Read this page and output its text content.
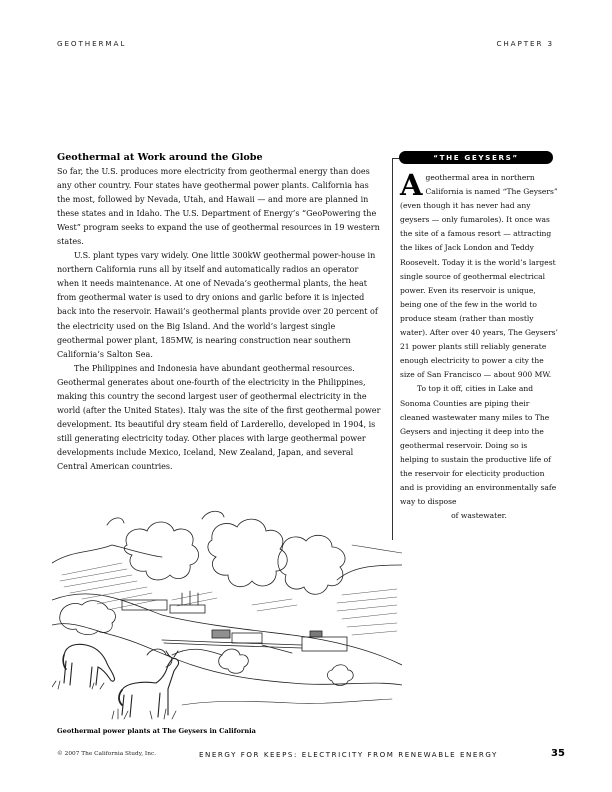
GEOTHERMAL	CHAPTER 3
Geothermal at Work around the Globe

So far, the U.S. produces more electricity from geothermal energy than does any other country. Four states have geothermal power plants. California has the most, followed by Nevada, Utah, and Hawaii — and more are planned in these states and in Idaho. The U.S. Department of Energy’s “GeoPowering the West” program seeks to expand the use of geothermal resources in 19 western states.

U.S. plant types vary widely. One little 300kW geothermal power-house in northern California runs all by itself and automatically radios an operator when it needs maintenance. At one of Nevada’s geothermal plants, the heat from geothermal water is used to dry onions and garlic before it is injected back into the reservoir. Hawaii’s geothermal plants provide over 20 percent of the electricity used on the Big Island. And the world’s largest single geothermal power plant, 185MW, is nearing construction near southern California’s Salton Sea.

The Philippines and Indonesia have abundant geothermal resources. Geothermal generates about one-fourth of the electricity in the Philippines, making this country the second largest user of geothermal electricity in the world (after the United States). Italy was the site of the first geothermal power development. Its beautiful dry steam field of Larderello, developed in 1904, is still generating electricity today. Other places with large geothermal power developments include Mexico, Iceland, New Zealand, Japan, and several Central American countries.

“THE GEYSERS”

Ageothermal area in northern California is named “The Geysers” (even though it has never had any geysers — only fumaroles). It once was the site of a famous resort — attracting the likes of Jack London and Teddy Roosevelt. Today it is the world’s largest single source of geothermal electrical power. Even its reservoir is unique, being one of the few in the world to produce steam (rather than mostly water). After over 40 years, The Geysers’ 21 power plants still reliably generate enough electricity to power a city the size of San Francisco — about 900 MW.

To top it off, cities in Lake and Sonoma Counties are piping their cleaned wastewater many miles to The Geysers and injecting it deep into the geothermal reservoir. Doing so is helping to sustain the productive life of the reservoir for electicity production and is providing an environmentally safe way to dispose

of wastewater.

Geothermal power plants at The Geysers in California
© 2007 The California Study, Inc.	ENERGY FOR KEEPS: ELECTRICITY FROM RENEWABLE ENERGY	35
